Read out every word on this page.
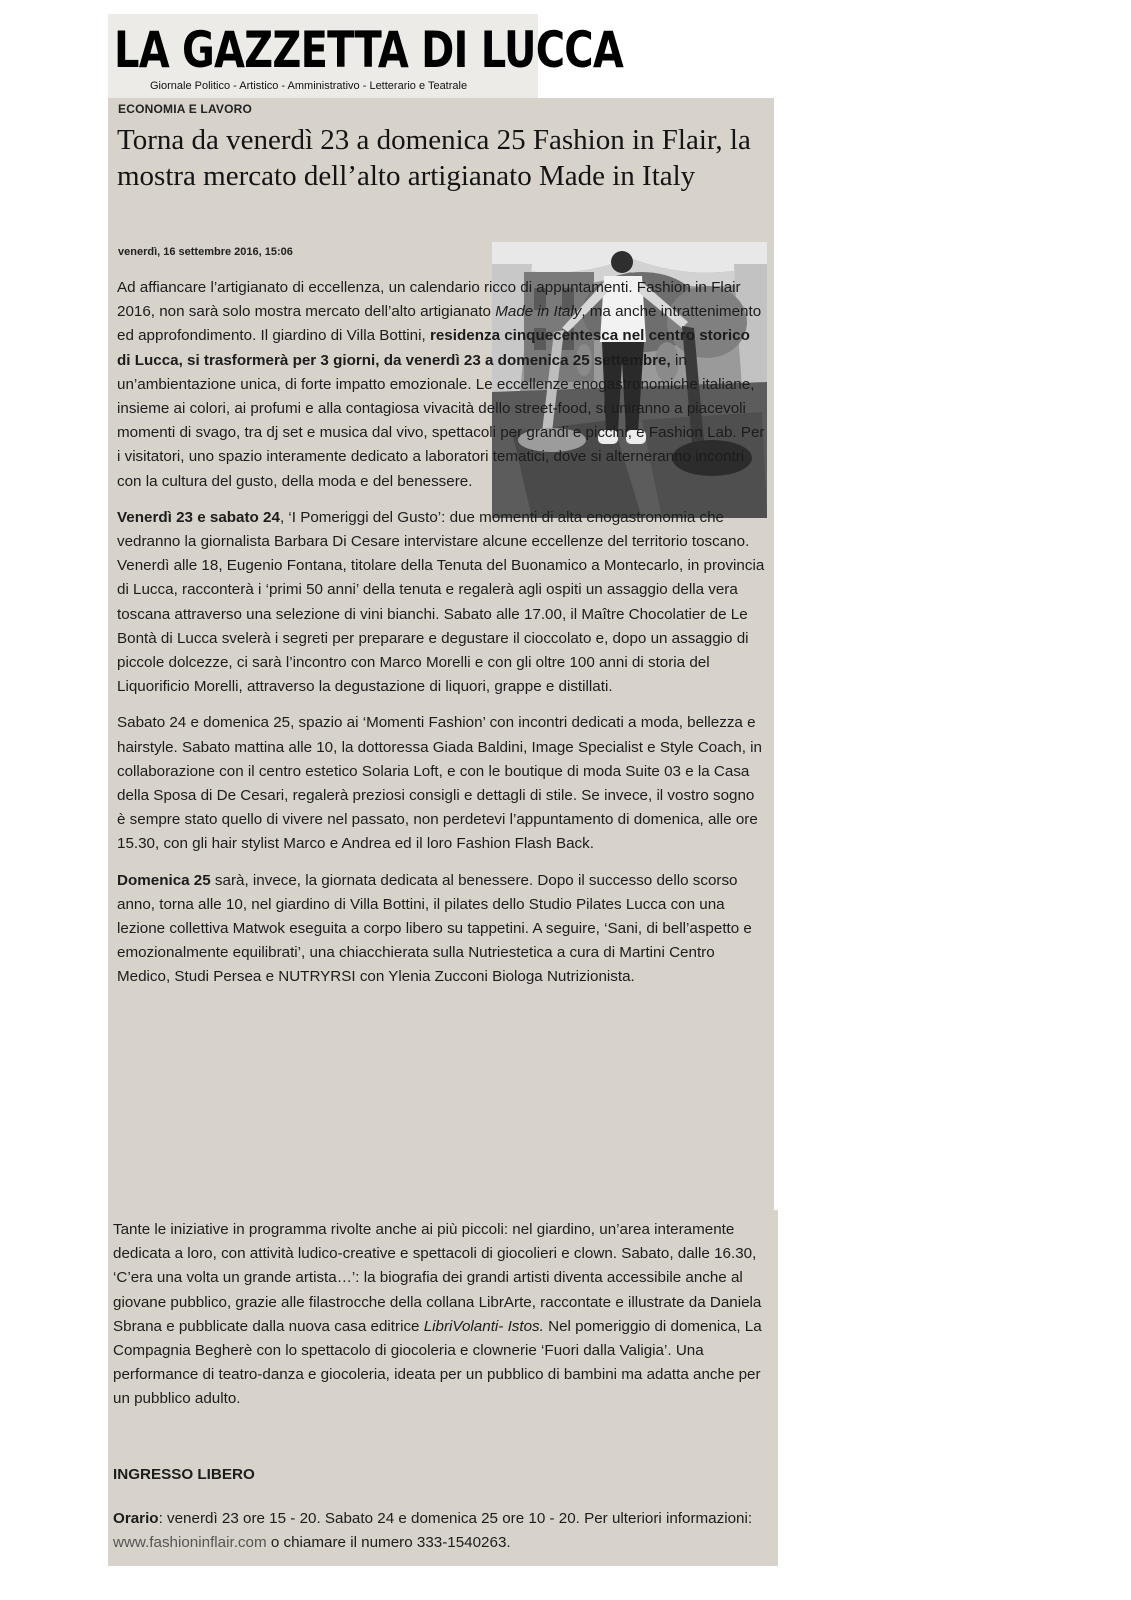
LA GAZZETTA DI LUCCA
Giornale Politico - Artistico - Amministrativo - Letterario e Teatrale
ECONOMIA E LAVORO
Torna da venerdì 23 a domenica 25 Fashion in Flair, la mostra mercato dell’alto artigianato Made in Italy
venerdì, 16 settembre 2016, 15:06

Ad affiancare l’artigianato di eccellenza, un calendario ricco di appuntamenti. Fashion in Flair 2016, non sarà solo mostra mercato dell’alto artigianato Made in Italy, ma anche intrattenimento ed approfondimento. Il giardino di Villa Bottini, residenza cinquecentesca nel centro storico di Lucca, si trasformerà per 3 giorni, da venerdì 23 a domenica 25 settembre, in un’ambientazione unica, di forte impatto emozionale. Le eccellenze enogastronomiche italiane, insieme ai colori, ai profumi e alla contagiosa vivacità dello street-food, si uniranno a piacevoli momenti di svago, tra dj set e musica dal vivo, spettacoli per grandi e piccini, e Fashion Lab. Per i visitatori, uno spazio interamente dedicato a laboratori tematici, dove si alterneranno incontri con la cultura del gusto, della moda e del benessere.

Venerdì 23 e sabato 24, ‘I Pomeriggi del Gusto’: due momenti di alta enogastronomia che vedranno la giornalista Barbara Di Cesare intervistare alcune eccellenze del territorio toscano. Venerdì alle 18, Eugenio Fontana, titolare della Tenuta del Buonamico a Montecarlo, in provincia di Lucca, racconterà i ‘primi 50 anni’ della tenuta e regalerà agli ospiti un assaggio della vera toscana attraverso una selezione di vini bianchi. Sabato alle 17.00, il Maître Chocolatier de Le Bontà di Lucca svelerà i segreti per preparare e degustare il cioccolato e, dopo un assaggio di piccole dolcezze, ci sarà l’incontro con Marco Morelli e con gli oltre 100 anni di storia del Liquorificio Morelli, attraverso la degustazione di liquori, grappe e distillati.

Sabato 24 e domenica 25, spazio ai ‘Momenti Fashion’ con incontri dedicati a moda, bellezza e hairstyle. Sabato mattina alle 10, la dottoressa Giada Baldini, Image Specialist e Style Coach, in collaborazione con il centro estetico Solaria Loft, e con le boutique di moda Suite 03 e la Casa della Sposa di De Cesari, regalerà preziosi consigli e dettagli di stile. Se invece, il vostro sogno è sempre stato quello di vivere nel passato, non perdetevi l’appuntamento di domenica, alle ore 15.30, con gli hair stylist Marco e Andrea ed il loro Fashion Flash Back.

Domenica 25 sarà, invece, la giornata dedicata al benessere. Dopo il successo dello scorso anno, torna alle 10, nel giardino di Villa Bottini, il pilates dello Studio Pilates Lucca con una lezione collettiva Matwok eseguita a corpo libero su tappetini. A seguire, ‘Sani, di bell’aspetto e emozionalmente equilibrati’, una chiacchierata sulla Nutriestetica a cura di Martini Centro Medico, Studi Persea e NUTRYRSI con Ylenia Zucconi Biologa Nutrizionista.

Tante le iniziative in programma rivolte anche ai più piccoli: nel giardino, un’area interamente dedicata a loro, con attività ludico-creative e spettacoli di giocolieri e clown. Sabato, dalle 16.30, ‘C’era una volta un grande artista…’: la biografia dei grandi artisti diventa accessibile anche al giovane pubblico, grazie alle filastrocche della collana LibrArte, raccontate e illustrate da Daniela Sbrana e pubblicate dalla nuova casa editrice LibriVolanti- Istos. Nel pomeriggio di domenica, La Compagnia Begherè con lo spettacolo di giocoleria e clownerie ‘Fuori dalla Valigia’. Una performance di teatro-danza e giocoleria, ideata per un pubblico di bambini ma adatta anche per un pubblico adulto.

INGRESSO LIBERO

Orario: venerdì 23 ore 15 - 20. Sabato 24 e domenica 25 ore 10 - 20. Per ulteriori informazioni: www.fashioninflair.com o chiamare il numero 333-1540263.
